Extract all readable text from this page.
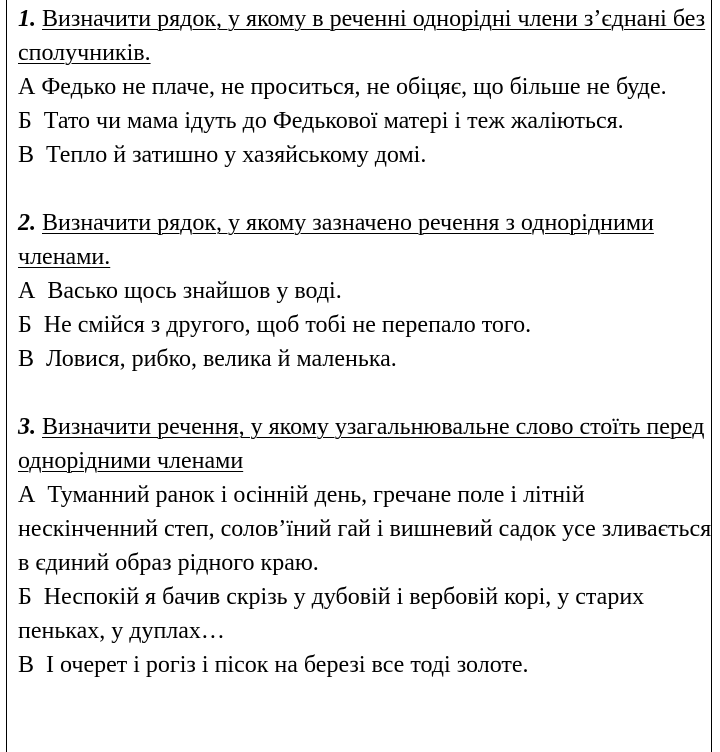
1. Визначити рядок, у якому в реченні однорідні члени з’єднані без сполучників.
А Федько не плаче, не проситься, не обіцяє, що більше не буде.
Б Тато чи мама ідуть до Федькової матері і теж жаліються.
В Тепло й затишно у хазяйському домі.
2. Визначити рядок, у якому зазначено речення з однорідними членами.
А Васько щось знайшов у воді.
Б Не смійся з другого, щоб тобі не перепало того.
В Ловися, рибко, велика й маленька.
3. Визначити речення, у якому узагальнювальне слово стоїть перед однорідними членами
А Туманний ранок і осінній день, гречане поле і літній нескінченний степ, солов’їний гай і вишневий садок усе зливається в єдиний образ рідного краю.
Б Неспокій я бачив скрізь у дубовій і вербовій корі, у старих пеньках, у дуплах…
В І очерет і рогіз і пісок на березі все тоді золоте.
